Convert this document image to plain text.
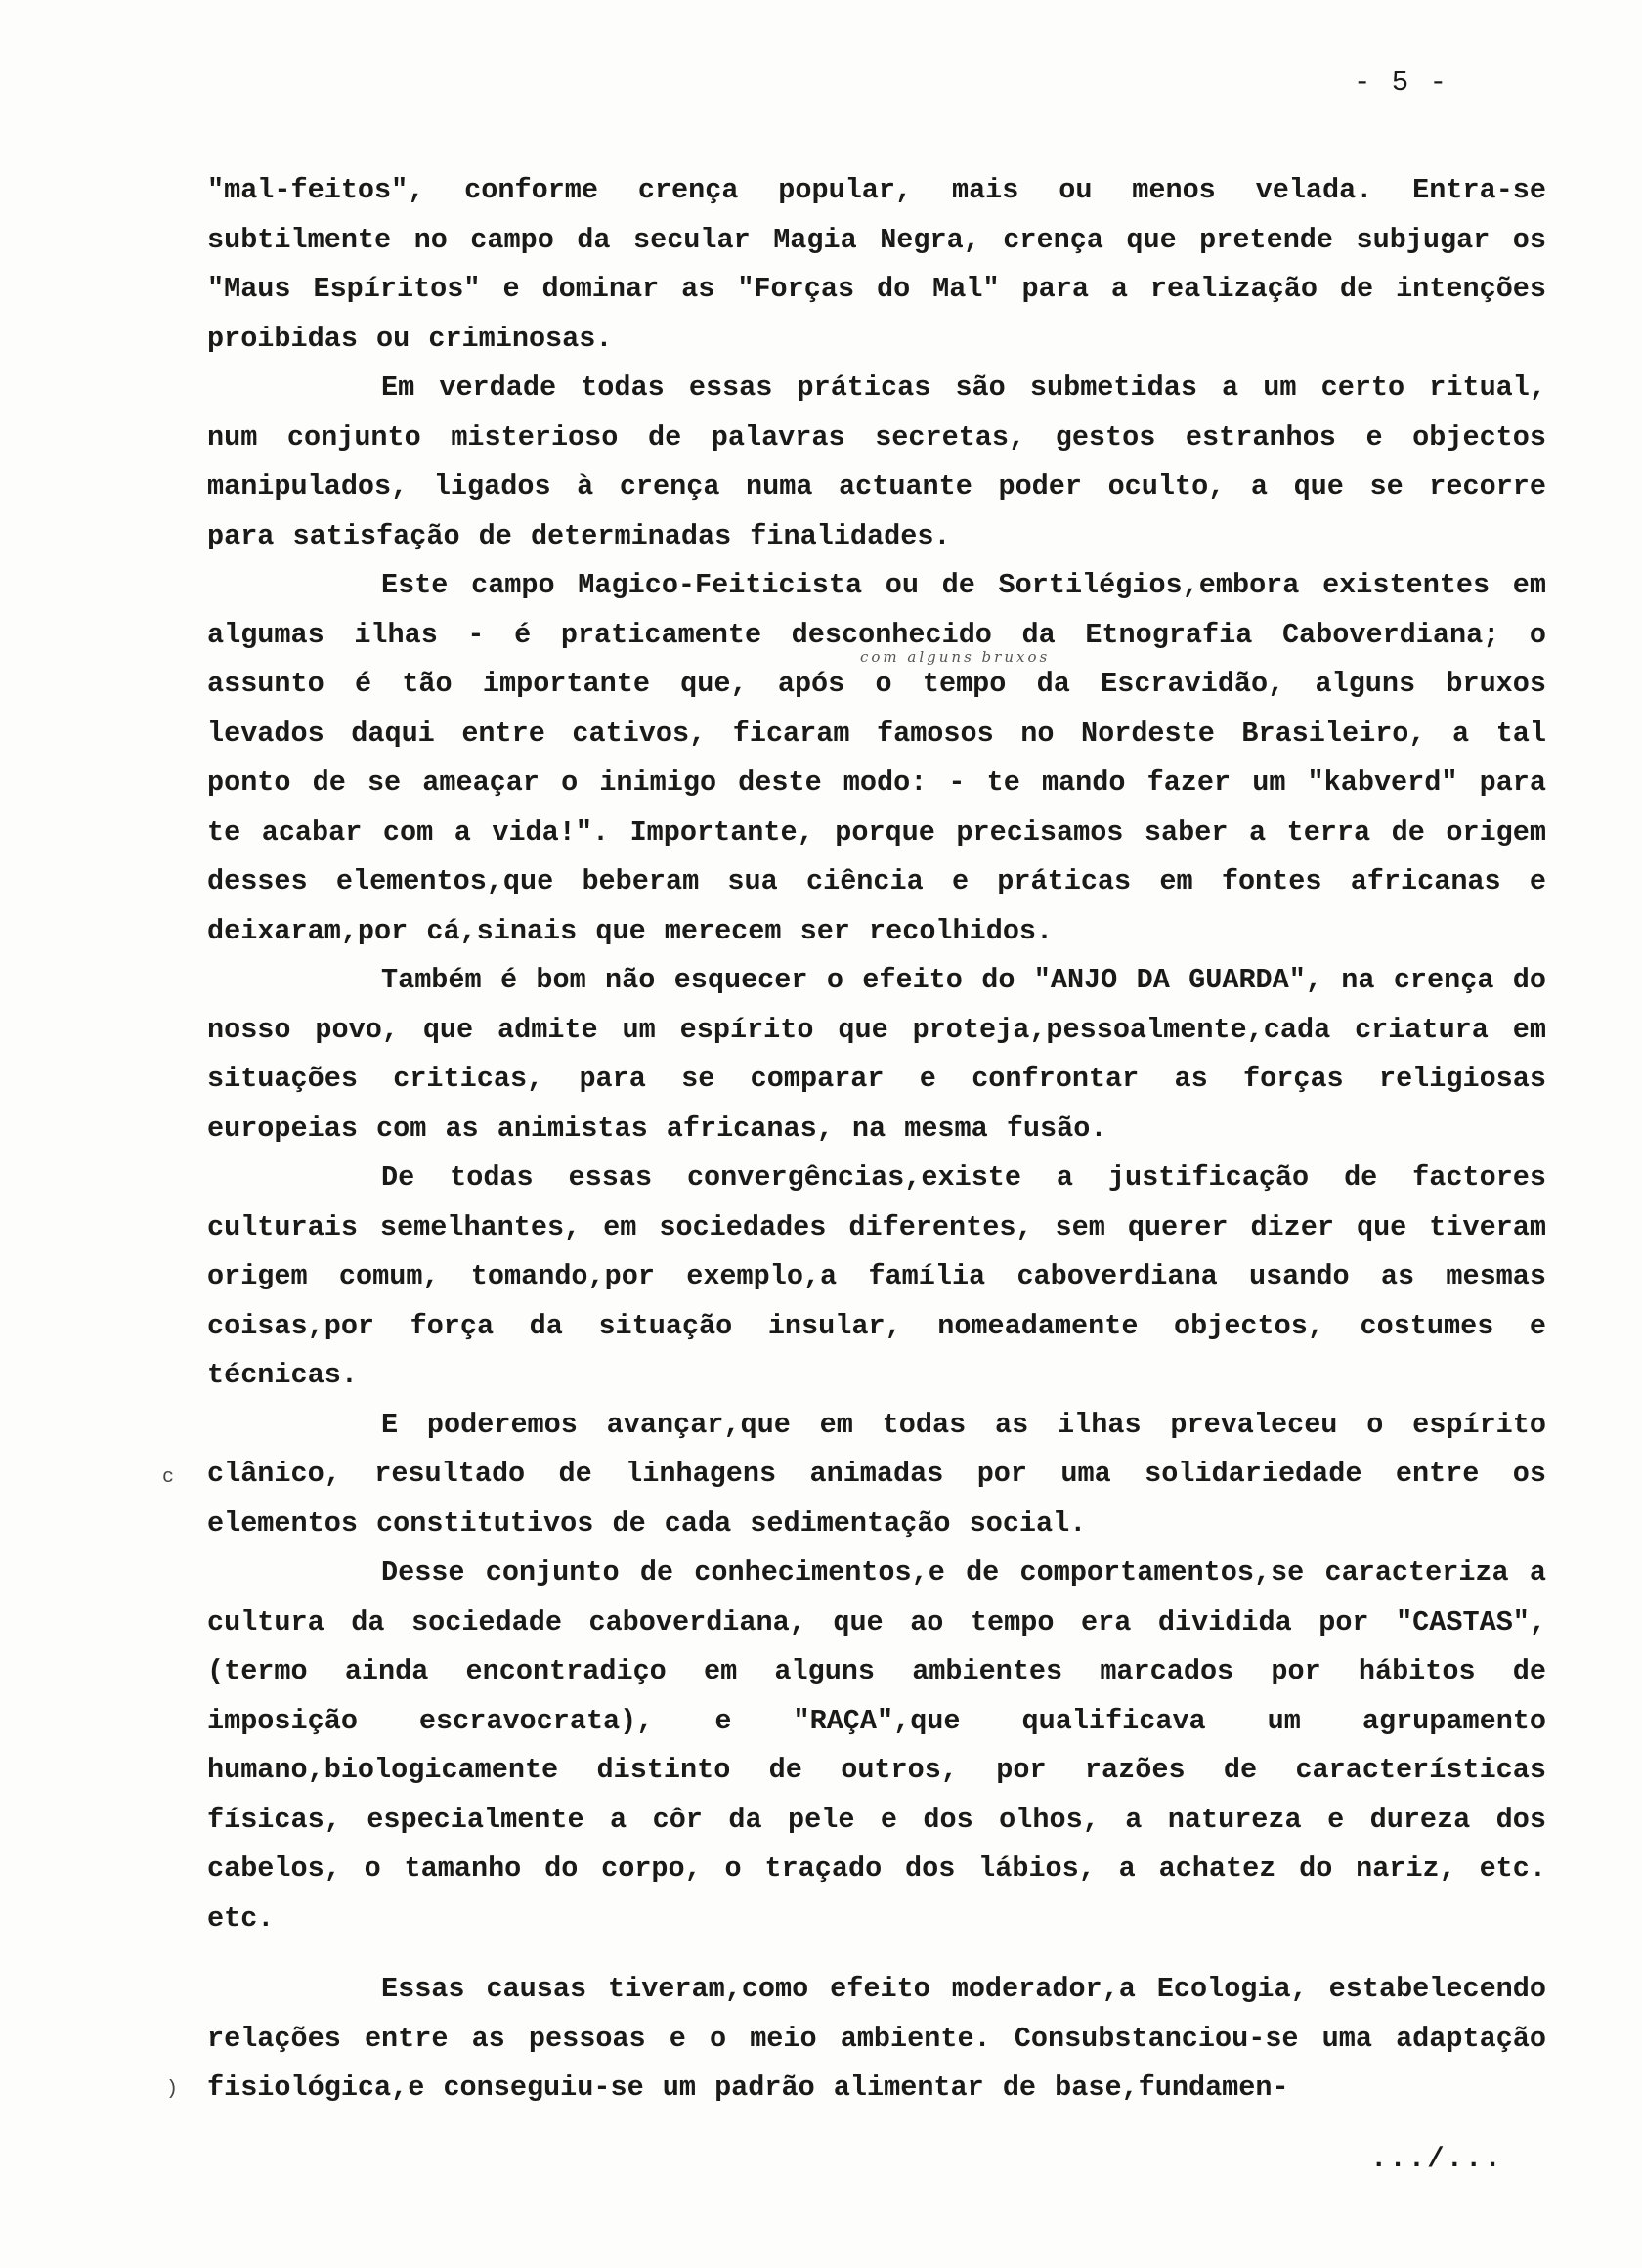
- 5 -
com alguns bruxos
c
)

"mal-feitos", conforme crença popular, mais ou menos velada. Entra-se subtilmente no campo da secular Magia Negra, crença que pretende subjugar os "Maus Espíritos" e dominar as "Forças do Mal" para a realização de intenções proibidas ou criminosas.

Em verdade todas essas práticas são submetidas a um certo ritual, num conjunto misterioso de palavras secretas, gestos estranhos e objectos manipulados, ligados à crença numa actuante poder oculto, a que se recorre para satisfação de determinadas finalidades.

Este campo Magico-Feiticista ou de Sortilégios,embora existentes em algumas ilhas - é praticamente desconhecido da Etnografia Caboverdiana; o assunto é tão importante que, após o tempo da Escravidão, alguns bruxos levados daqui entre cativos, ficaram famosos no Nordeste Brasileiro, a tal ponto de se ameaçar o inimigo deste modo: - te mando fazer um "kabverd" para te acabar com a vida!". Importante, porque precisamos saber a terra de origem desses elementos,que beberam sua ciência e práticas em fontes africanas e deixaram,por cá,sinais que merecem ser recolhidos.

Também é bom não esquecer o efeito do "ANJO DA GUARDA", na crença do nosso povo, que admite um espírito que proteja,pessoalmente,cada criatura em situações criticas, para se comparar e confrontar as forças religiosas europeias com as animistas africanas, na mesma fusão.

De todas essas convergências,existe a justificação de factores culturais semelhantes, em sociedades diferentes, sem querer dizer que tiveram origem comum, tomando,por exemplo,a família caboverdiana usando as mesmas coisas,por força da situação insular, nomeadamente objectos, costumes e técnicas.

E poderemos avançar,que em todas as ilhas prevaleceu o espírito clânico, resultado de linhagens animadas por uma solidariedade entre os elementos constitutivos de cada sedimentação social.

Desse conjunto de conhecimentos,e de comportamentos,se caracteriza a cultura da sociedade caboverdiana, que ao tempo era dividida por "CASTAS",(termo ainda encontradiço em alguns ambientes marcados por hábitos de imposição escravocrata), e "RAÇA",que qualificava um agrupamento humano,biologicamente distinto de outros, por razões de características físicas, especialmente a côr da pele e dos olhos, a natureza e dureza dos cabelos, o tamanho do corpo, o traçado dos lábios, a achatez do nariz, etc. etc.

Essas causas tiveram,como efeito moderador,a Ecologia, estabelecendo relações entre as pessoas e o meio ambiente. Consubstanciou-se uma adaptação fisiológica,e conseguiu-se um padrão alimentar de base,fundamen-

.../...
